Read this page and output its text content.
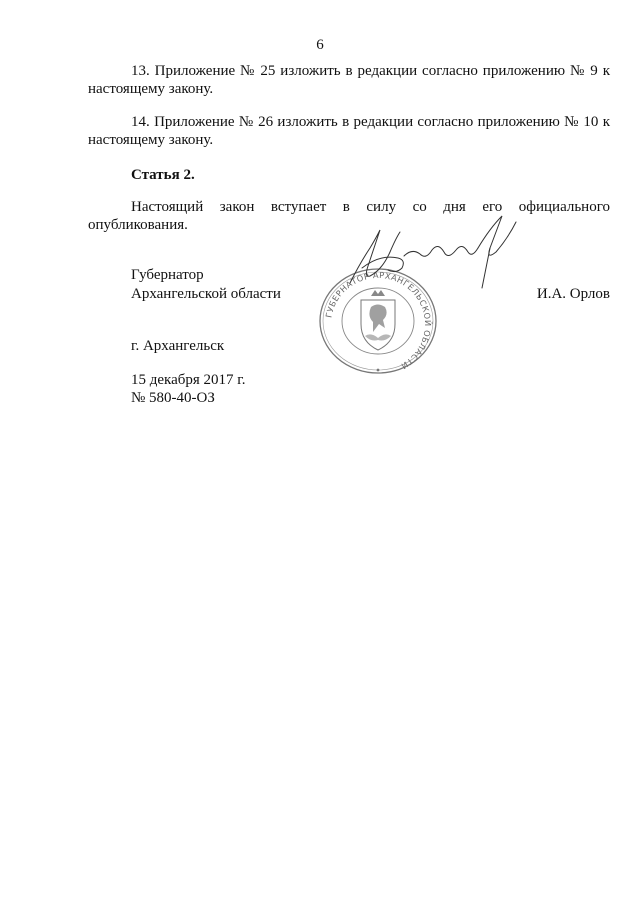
6

13. Приложение № 25 изложить в редакции согласно приложению № 9 к настоящему закону.

14. Приложение № 26 изложить в редакции согласно приложению № 10 к настоящему закону.

Статья 2.

Настоящий закон вступает в силу со дня его официального опубликования.

Губернатор
Архангельской области	И.А. Орлов
ГУБЕРНАТОР АРХАНГЕЛЬСКОЙ ОБЛАСТИ
г. Архангельск
15 декабря 2017 г.
№ 580-40-ОЗ
